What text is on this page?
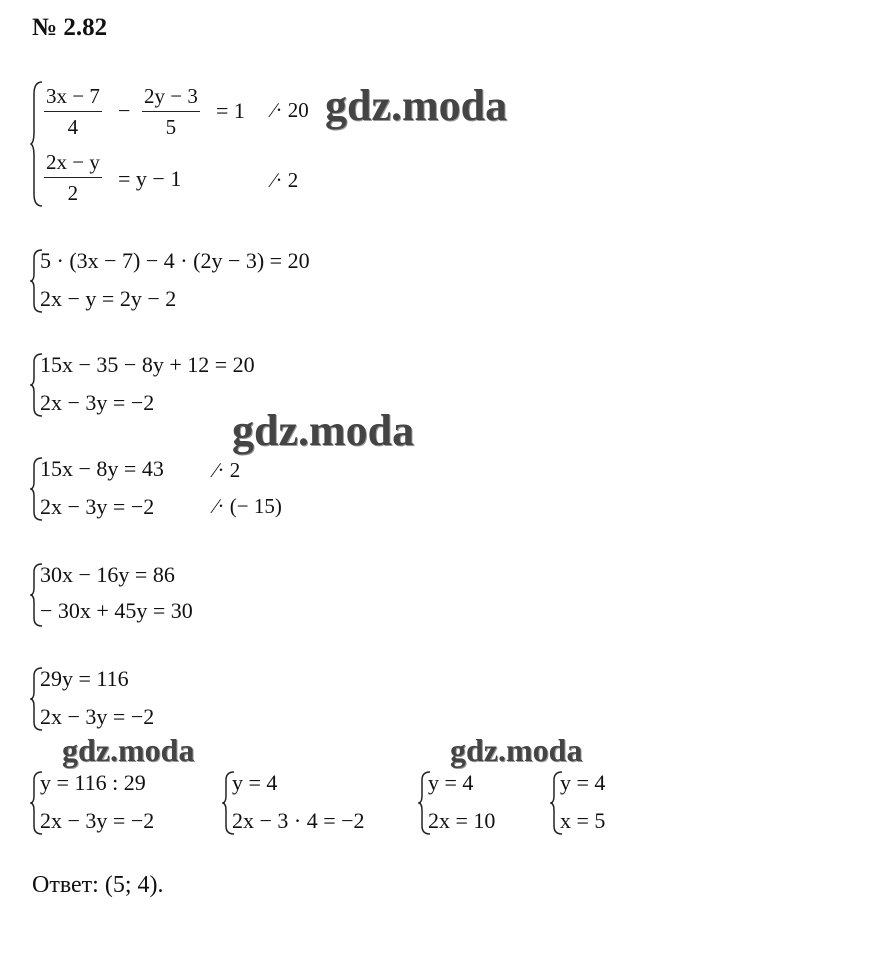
№ 2.82
$\frac{3x - 7}{4} - \frac{2y - 3}{5} = 1$ ∕· 20 gdz.moda
$\frac{2x - y}{2} = y - 1$	∕· 2
5 · (3x − 7) − 4 · (2y − 3) = 20
2x − y = 2y − 2
15x − 35 − 8y + 12 = 20
2x − 3y = −2
gdz.moda
15x − 8y = 43 ∕· 2
2x − 3y = −2	∕· (− 15)
30x − 16y = 86
− 30x + 45y = 30
29y = 116
2x − 3y = −2
gdz.moda	gdz.moda
y = 116 : 29
2x − 3y = −2
y = 4
2x − 3 · 4 = −2
y = 4
2x = 10
y = 4
x = 5
Ответ: (5; 4).
